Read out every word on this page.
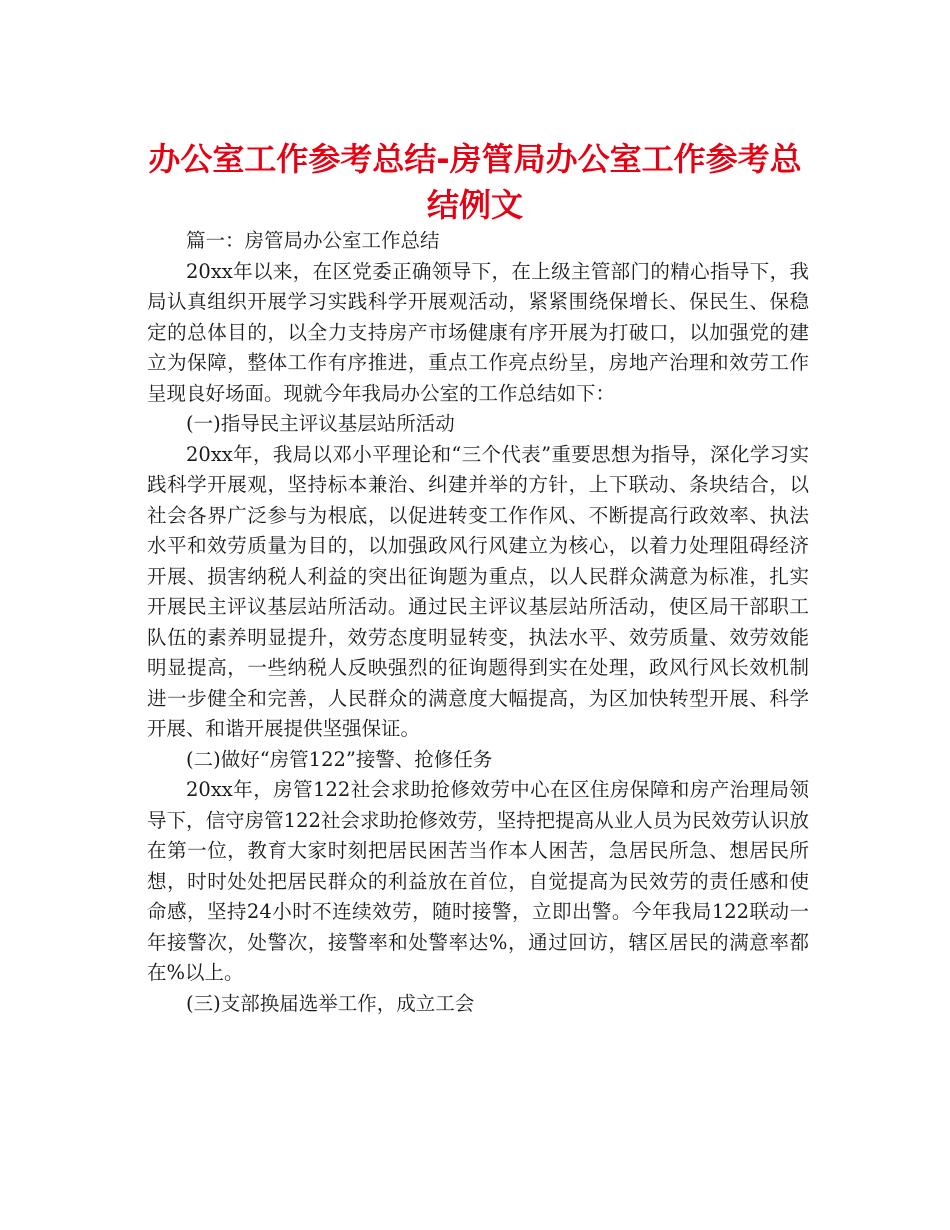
办公室工作参考总结-房管局办公室工作参考总结例文

篇一：房管局办公室工作总结

20xx年以来，在区党委正确领导下，在上级主管部门的精心指导下，我局认真组织开展学习实践科学开展观活动，紧紧围绕保增长、保民生、保稳定的总体目的，以全力支持房产市场健康有序开展为打破口，以加强党的建立为保障，整体工作有序推进，重点工作亮点纷呈，房地产治理和效劳工作呈现良好场面。现就今年我局办公室的工作总结如下：

(一)指导民主评议基层站所活动

20xx年，我局以邓小平理论和“三个代表”重要思想为指导，深化学习实践科学开展观，坚持标本兼治、纠建并举的方针，上下联动、条块结合，以社会各界广泛参与为根底，以促进转变工作作风、不断提高行政效率、执法水平和效劳质量为目的，以加强政风行风建立为核心，以着力处理阻碍经济开展、损害纳税人利益的突出征询题为重点，以人民群众满意为标准，扎实开展民主评议基层站所活动。通过民主评议基层站所活动，使区局干部职工队伍的素养明显提升，效劳态度明显转变，执法水平、效劳质量、效劳效能明显提高，一些纳税人反映强烈的征询题得到实在处理，政风行风长效机制进一步健全和完善，人民群众的满意度大幅提高，为区加快转型开展、科学开展、和谐开展提供坚强保证。

(二)做好“房管122”接警、抢修任务

20xx年，房管122社会求助抢修效劳中心在区住房保障和房产治理局领导下，信守房管122社会求助抢修效劳，坚持把提高从业人员为民效劳认识放在第一位，教育大家时刻把居民困苦当作本人困苦，急居民所急、想居民所想，时时处处把居民群众的利益放在首位，自觉提高为民效劳的责任感和使命感，坚持24小时不连续效劳，随时接警，立即出警。今年我局122联动一年接警次，处警次，接警率和处警率达%，通过回访，辖区居民的满意率都在%以上。

(三)支部换届选举工作，成立工会
